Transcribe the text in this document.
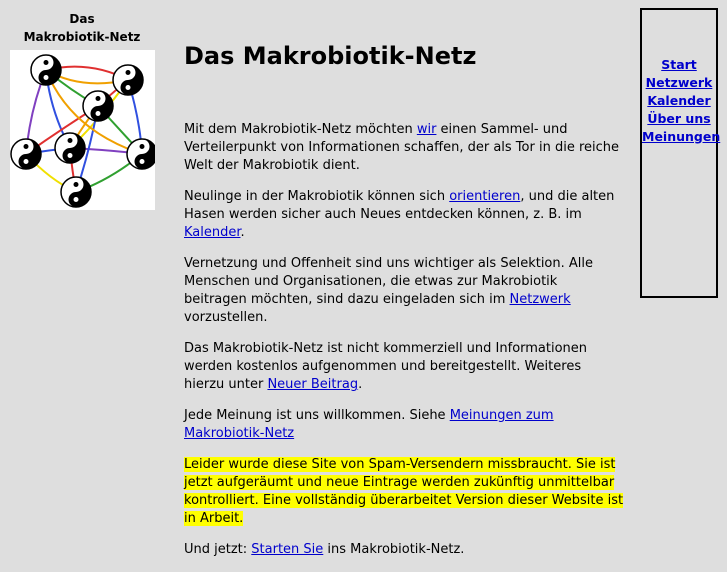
Das
Makrobiotik-Netz
Das Makrobiotik-Netz

Mit dem Makrobiotik-Netz möchten wir einen Sammel- und Verteilerpunkt von Informationen schaffen, der als Tor in die reiche Welt der Makrobiotik dient.

Neulinge in der Makrobiotik können sich orientieren, und die alten Hasen werden sicher auch Neues entdecken können, z. B. im Kalender.

Vernetzung und Offenheit sind uns wichtiger als Selektion. Alle Menschen und Organisationen, die etwas zur Makrobiotik beitragen möchten, sind dazu eingeladen sich im Netzwerk vorzustellen.

Das Makrobiotik-Netz ist nicht kommerziell und Informationen werden kostenlos aufgenommen und bereitgestellt. Weiteres hierzu unter Neuer Beitrag.

Jede Meinung ist uns willkommen. Siehe Meinungen zum Makrobiotik-Netz

Leider wurde diese Site von Spam-Versendern missbraucht. Sie ist jetzt aufgeräumt und neue Eintrage werden zukünftig unmittelbar kontrolliert. Eine vollständig überarbeitet Version dieser Website ist in Arbeit.

Und jetzt: Starten Sie ins Makrobiotik-Netz.

Start
Netzwerk
Kalender
Über uns
Meinungen
